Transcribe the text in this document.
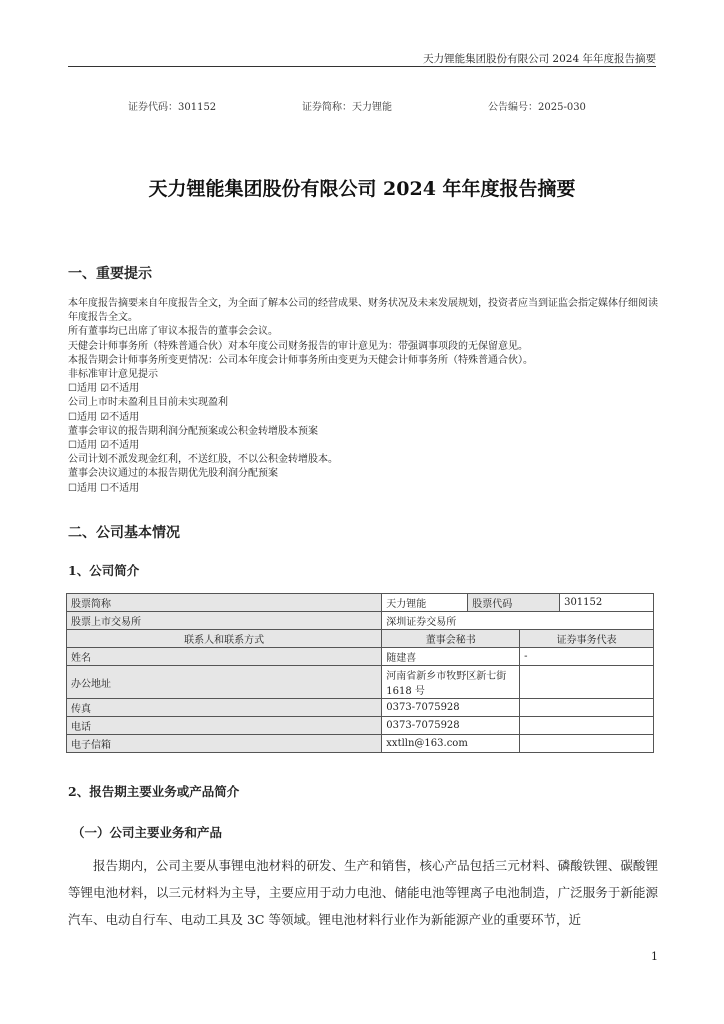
天力锂能集团股份有限公司 2024 年年度报告摘要
证券代码：301152	证券简称：天力锂能	公告编号：2025-030
天力锂能集团股份有限公司 2024 年年度报告摘要
一、重要提示
本年度报告摘要来自年度报告全文，为全面了解本公司的经营成果、财务状况及未来发展规划，投资者应当到证监会指定媒体仔细阅读年度报告全文。
所有董事均已出席了审议本报告的董事会会议。
天健会计师事务所（特殊普通合伙）对本年度公司财务报告的审计意见为：带强调事项段的无保留意见。
本报告期会计师事务所变更情况：公司本年度会计师事务所由变更为天健会计师事务所（特殊普通合伙）。
非标准审计意见提示
☐适用 ☑不适用
公司上市时未盈利且目前未实现盈利
☐适用 ☑不适用
董事会审议的报告期利润分配预案或公积金转增股本预案
☐适用 ☑不适用
公司计划不派发现金红利，不送红股，不以公积金转增股本。
董事会决议通过的本报告期优先股利润分配预案
☐适用 ☐不适用
二、公司基本情况
1、公司简介
股票简称	天力锂能	股票代码		301152
股票上市交易所	深圳证券交易所			
联系人和联系方式	董事会秘书		证券事务代表	
姓名	随建喜		-	
办公地址	河南省新乡市牧野区新七街 1618 号			
传真	0373-7075928			
电话	0373-7075928			
电子信箱	xxtlln@163.com			
2、报告期主要业务或产品简介
（一）公司主要业务和产品

报告期内，公司主要从事锂电池材料的研发、生产和销售，核心产品包括三元材料、磷酸铁锂、碳酸锂等锂电池材料，以三元材料为主导，主要应用于动力电池、储能电池等锂离子电池制造，广泛服务于新能源汽车、电动自行车、电动工具及 3C 等领域。锂电池材料行业作为新能源产业的重要环节，近

1
